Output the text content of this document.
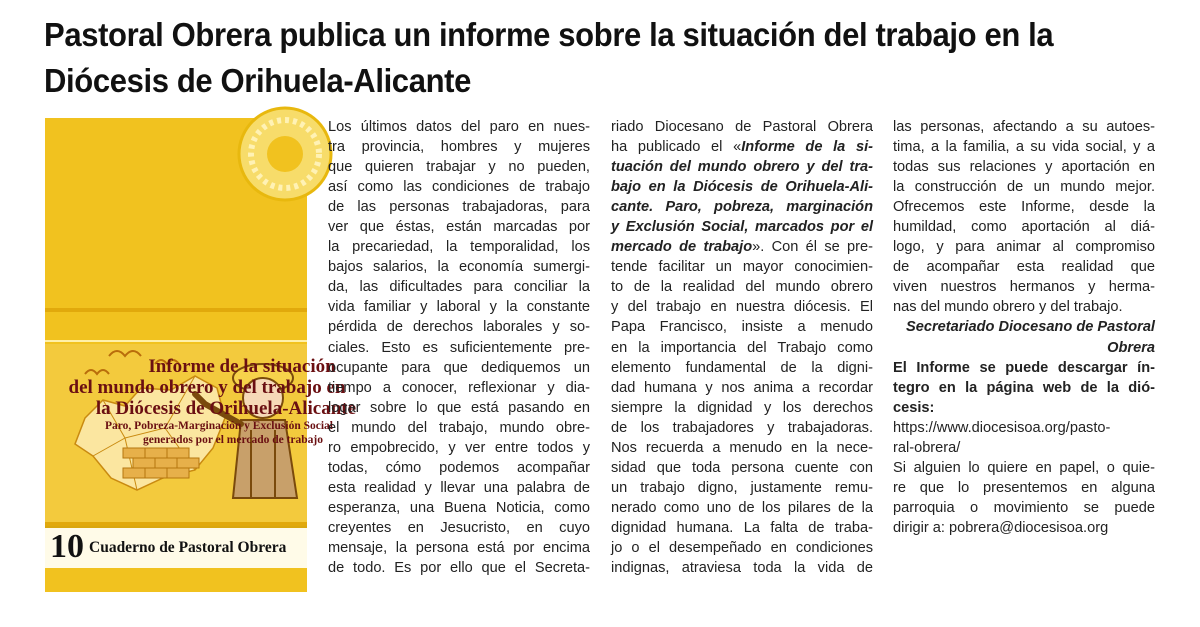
Pastoral Obrera publica un informe sobre la situación del trabajo en la
Diócesis de Orihuela-Alicante
Informe de la situación
del mundo obrero y del trabajo en
la Diócesis de Orihuela-Alicante
Paro, Pobreza-Marginación y Exclusión Social
generados por el mercado de trabajo
10 Cuaderno de Pastoral Obrera

Los últimos datos del paro en nues-
tra provincia, hombres y mujeres
que quieren trabajar y no pueden,
así como las condiciones de trabajo
de las personas trabajadoras, para
ver que éstas, están marcadas por
la precariedad, la temporalidad, los
bajos salarios, la economía sumergi-
da, las dificultades para conciliar la
vida familiar y laboral y la constante
pérdida de derechos laborales y so-
ciales. Esto es suficientemente pre-
ocupante para que dediquemos un
tiempo a conocer, reflexionar y dia-
logar sobre lo que está pasando en
el mundo del trabajo, mundo obre-
ro empobrecido, y ver entre todos y
todas, cómo podemos acompañar
esta realidad y llevar una palabra de
esperanza, una Buena Noticia, como
creyentes en Jesucristo, en cuyo
mensaje, la persona está por encima
de todo. Es por ello que el Secreta-

riado Diocesano de Pastoral Obrera
ha publicado el «Informe de la si-
tuación del mundo obrero y del tra-
bajo en la Diócesis de Orihuela-Ali-
cante. Paro, pobreza, marginación
y Exclusión Social, marcados por el
mercado de trabajo». Con él se pre-
tende facilitar un mayor conocimien-
to de la realidad del mundo obrero
y del trabajo en nuestra diócesis. El
Papa Francisco, insiste a menudo
en la importancia del Trabajo como
elemento fundamental de la digni-
dad humana y nos anima a recordar
siempre la dignidad y los derechos
de los trabajadores y trabajadoras.
Nos recuerda a menudo en la nece-
sidad que toda persona cuente con
un trabajo digno, justamente remu-
nerado como uno de los pilares de la
dignidad humana. La falta de traba-
jo o el desempeñado en condiciones
indignas, atraviesa toda la vida de

las personas, afectando a su autoes-
tima, a la familia, a su vida social, y a
todas sus relaciones y aportación en
la construcción de un mundo mejor.
Ofrecemos este Informe, desde la
humildad, como aportación al diá-
logo, y para animar al compromiso
de acompañar esta realidad que
viven nuestros hermanos y herma-
nas del mundo obrero y del trabajo.

Secretariado Diocesano de Pastoral
Obrera

El Informe se puede descargar ín-
tegro en la página web de la dió-
cesis:

https://www.diocesisoa.org/pasto-
ral-obrera/

Si alguien lo quiere en papel, o quie-
re que lo presentemos en alguna
parroquia o movimiento se puede
dirigir a: pobrera@diocesisoa.org
